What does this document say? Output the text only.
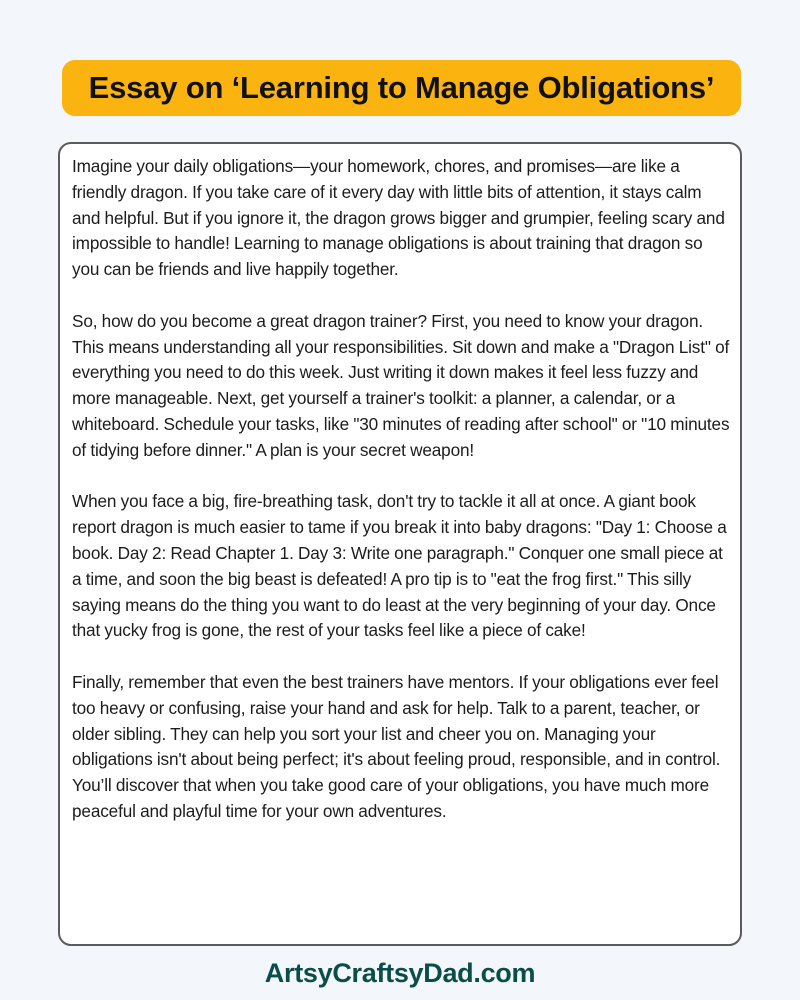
Essay on ‘Learning to Manage Obligations’

Imagine your daily obligations—your homework, chores, and promises—are like a friendly dragon. If you take care of it every day with little bits of attention, it stays calm and helpful. But if you ignore it, the dragon grows bigger and grumpier, feeling scary and impossible to handle! Learning to manage obligations is about training that dragon so you can be friends and live happily together.

So, how do you become a great dragon trainer? First, you need to know your dragon. This means understanding all your responsibilities. Sit down and make a "Dragon List" of everything you need to do this week. Just writing it down makes it feel less fuzzy and more manageable. Next, get yourself a trainer's toolkit: a planner, a calendar, or a whiteboard. Schedule your tasks, like "30 minutes of reading after school" or "10 minutes of tidying before dinner." A plan is your secret weapon!

When you face a big, fire-breathing task, don't try to tackle it all at once. A giant book report dragon is much easier to tame if you break it into baby dragons: "Day 1: Choose a book. Day 2: Read Chapter 1. Day 3: Write one paragraph." Conquer one small piece at a time, and soon the big beast is defeated! A pro tip is to "eat the frog first." This silly saying means do the thing you want to do least at the very beginning of your day. Once that yucky frog is gone, the rest of your tasks feel like a piece of cake!

Finally, remember that even the best trainers have mentors. If your obligations ever feel too heavy or confusing, raise your hand and ask for help. Talk to a parent, teacher, or older sibling. They can help you sort your list and cheer you on. Managing your obligations isn't about being perfect; it's about feeling proud, responsible, and in control. You’ll discover that when you take good care of your obligations, you have much more peaceful and playful time for your own adventures.

ArtsyCraftsyDad.com
